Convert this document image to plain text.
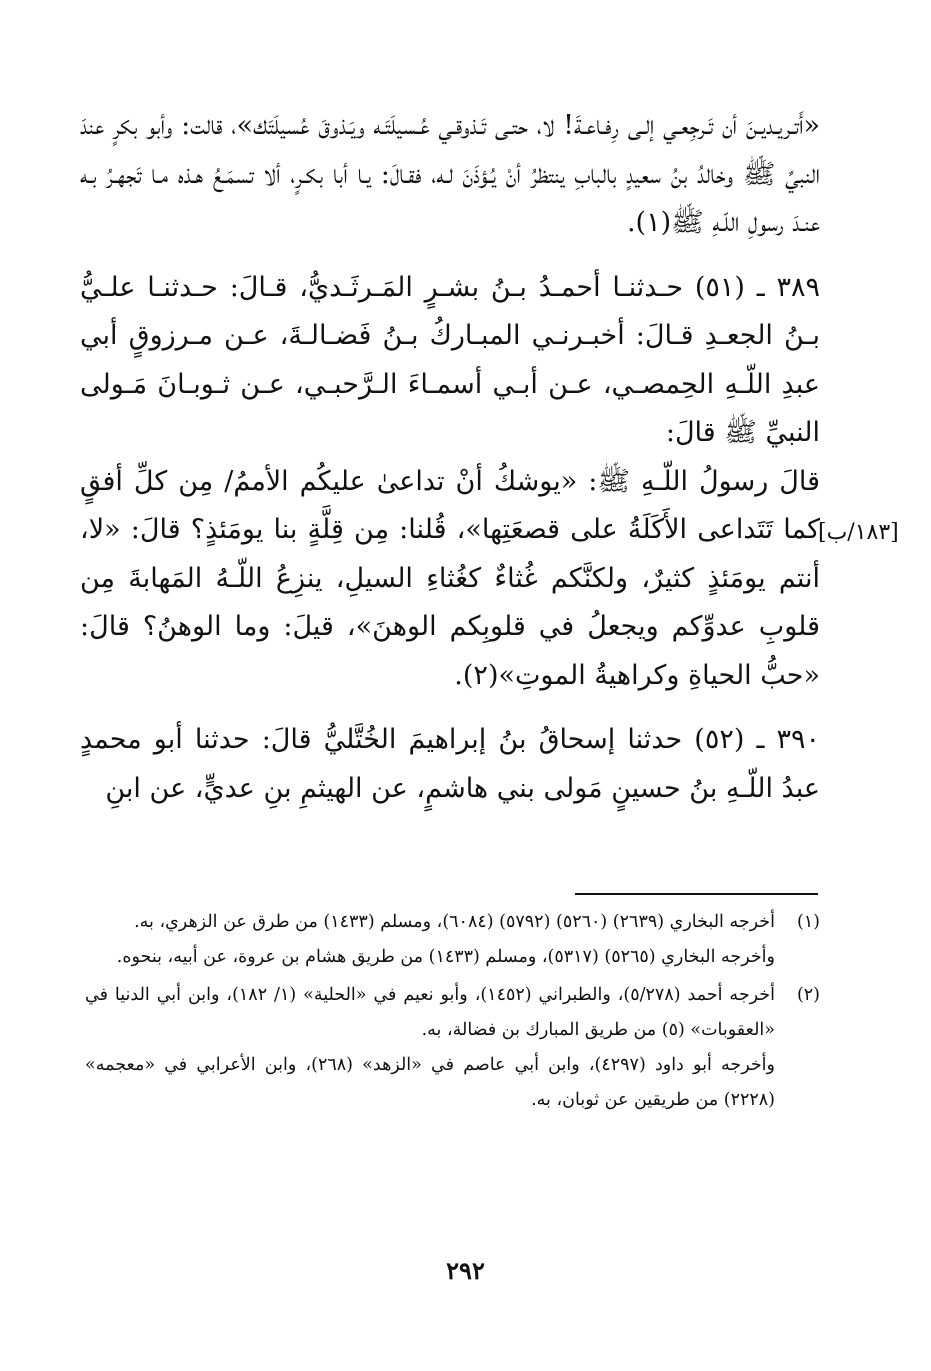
«أَتـريـديـنَ أن تَـرجِعـي إلـى رِفـاعـةَ! لا، حتـى تَـذوقـي عُـسيلَتَـه ويَـذوقَ عُسيلَتَك»، قالت: وأبو بكرٍ عندَ النبيِّ ﷺ وخالدُ بنُ سعيدٍ بالبابِ ينتظرُ أنْ يُـؤذَنَ لـه، فقـالَ: يـا أبا بكـرٍ، ألا تسمَـعُ هـذه مـا تَجهـرُ بـه عنـدَ رسولِ اللّـهِ ﷺ(١).

٣٨٩ ـ (٥١) حـدثنـا أحمـدُ بـنُ بشـرٍ المَـرثَـديُّ، قـالَ: حـدثنـا علـيُّ بـنُ الجعـدِ قـالَ: أخبـرنـي المبـاركُ بـنُ فَضـالـةَ، عـن مـرزوقٍ أبي عبدِ اللّـهِ الحِمصـي، عـن أبـي أسمـاءَ الـرَّحبـي، عـن ثـوبـانَ مَـولى النبيِّ ﷺ قالَ:

قالَ رسولُ اللّـهِ ﷺ: «يوشكُ أنْ تداعىٰ عليكُم الأممُ/ مِن كلِّ أفقٍ كما تَتَداعى الأَكَلَةُ على قصعَتِها»، قُلنا: مِن قِلَّةٍ بنا يومَئذٍ؟ قالَ: «لا، أنتم يومَئذٍ كثيرٌ، ولكنَّكم غُثاءٌ كغُثاءِ السيلِ، ينزِعُ اللّـهُ المَهابةَ مِن قلوبِ عدوِّكم ويجعلُ في قلوبِكم الوهنَ»، قيلَ: وما الوهنُ؟ قالَ: «حبُّ الحياةِ وكراهيةُ الموتِ»(٢).

٣٩٠ ـ (٥٢) حدثنا إسحاقُ بنُ إبراهيمَ الخُتَّليُّ قالَ: حدثنا أبو محمدٍ عبدُ اللّـهِ بنُ حسينٍ مَولى بني هاشمٍ، عن الهيثمِ بنِ عديٍّ، عن ابنِ

[١٨٣/ب]
(١)
أخرجه البخاري (٢٦٣٩) (٥٢٦٠) (٥٧٩٢) (٦٠٨٤)، ومسلم (١٤٣٣) من طرق عن الزهري، به.
وأخرجه البخاري (٥٢٦٥) (٥٣١٧)، ومسلم (١٤٣٣) من طريق هشام بن عروة، عن أبيه، بنحوه.
(٢)
أخرجه أحمد (٥/٢٧٨)، والطبراني (١٤٥٢)، وأبو نعيم في «الحلية» (١/ ١٨٢)، وابن أبي الدنيا في «العقوبات» (٥) من طريق المبارك بن فضالة، به.
وأخرجه أبو داود (٤٢٩٧)، وابن أبي عاصم في «الزهد» (٢٦٨)، وابن الأعرابي في «معجمه» (٢٢٢٨) من طريقين عن ثوبان، به.
٢٩٢
